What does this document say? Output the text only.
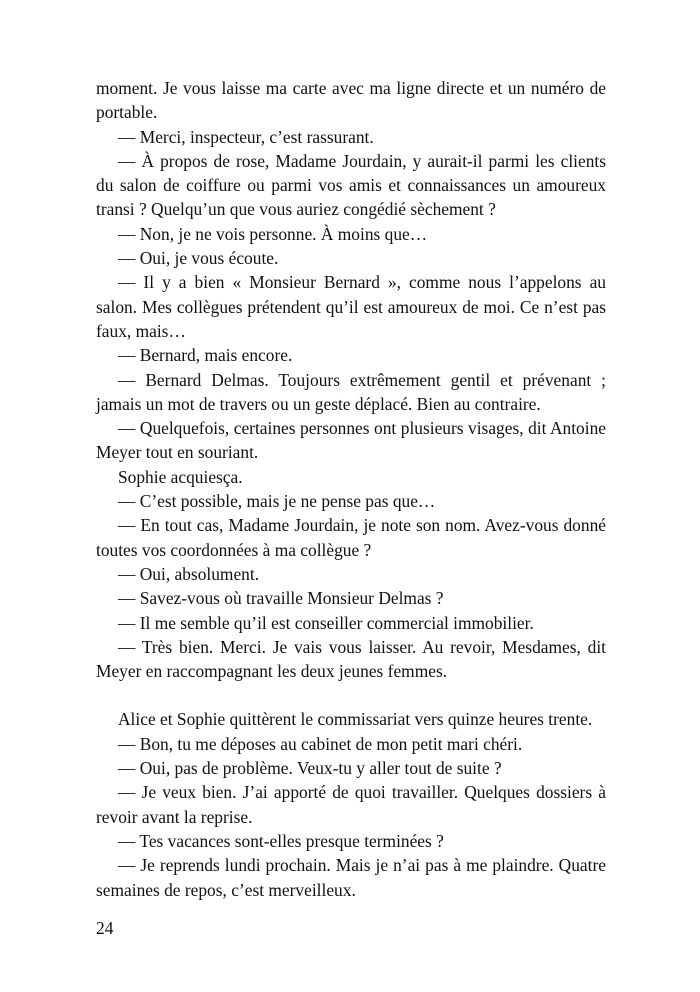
moment. Je vous laisse ma carte avec ma ligne directe et un numéro de portable.

— Merci, inspecteur, c’est rassurant.

— À propos de rose, Madame Jourdain, y aurait-il parmi les clients du salon de coiffure ou parmi vos amis et connaissances un amoureux transi ? Quelqu’un que vous auriez congédié sèchement ?

— Non, je ne vois personne. À moins que…

— Oui, je vous écoute.

— Il y a bien « Monsieur Bernard », comme nous l’appelons au salon. Mes collègues prétendent qu’il est amoureux de moi. Ce n’est pas faux, mais…

— Bernard, mais encore.

— Bernard Delmas. Toujours extrêmement gentil et prévenant ; jamais un mot de travers ou un geste déplacé. Bien au contraire.

— Quelquefois, certaines personnes ont plusieurs visages, dit Antoine Meyer tout en souriant.

Sophie acquiesça.

— C’est possible, mais je ne pense pas que…

— En tout cas, Madame Jourdain, je note son nom. Avez-vous donné toutes vos coordonnées à ma collègue ?

— Oui, absolument.

— Savez-vous où travaille Monsieur Delmas ?

— Il me semble qu’il est conseiller commercial immobilier.

— Très bien. Merci. Je vais vous laisser. Au revoir, Mesdames, dit Meyer en raccompagnant les deux jeunes femmes.

Alice et Sophie quittèrent le commissariat vers quinze heures trente.

— Bon, tu me déposes au cabinet de mon petit mari chéri.

— Oui, pas de problème. Veux-tu y aller tout de suite ?

— Je veux bien. J’ai apporté de quoi travailler. Quelques dossiers à revoir avant la reprise.

— Tes vacances sont-elles presque terminées ?

— Je reprends lundi prochain. Mais je n’ai pas à me plaindre. Quatre semaines de repos, c’est merveilleux.

24
